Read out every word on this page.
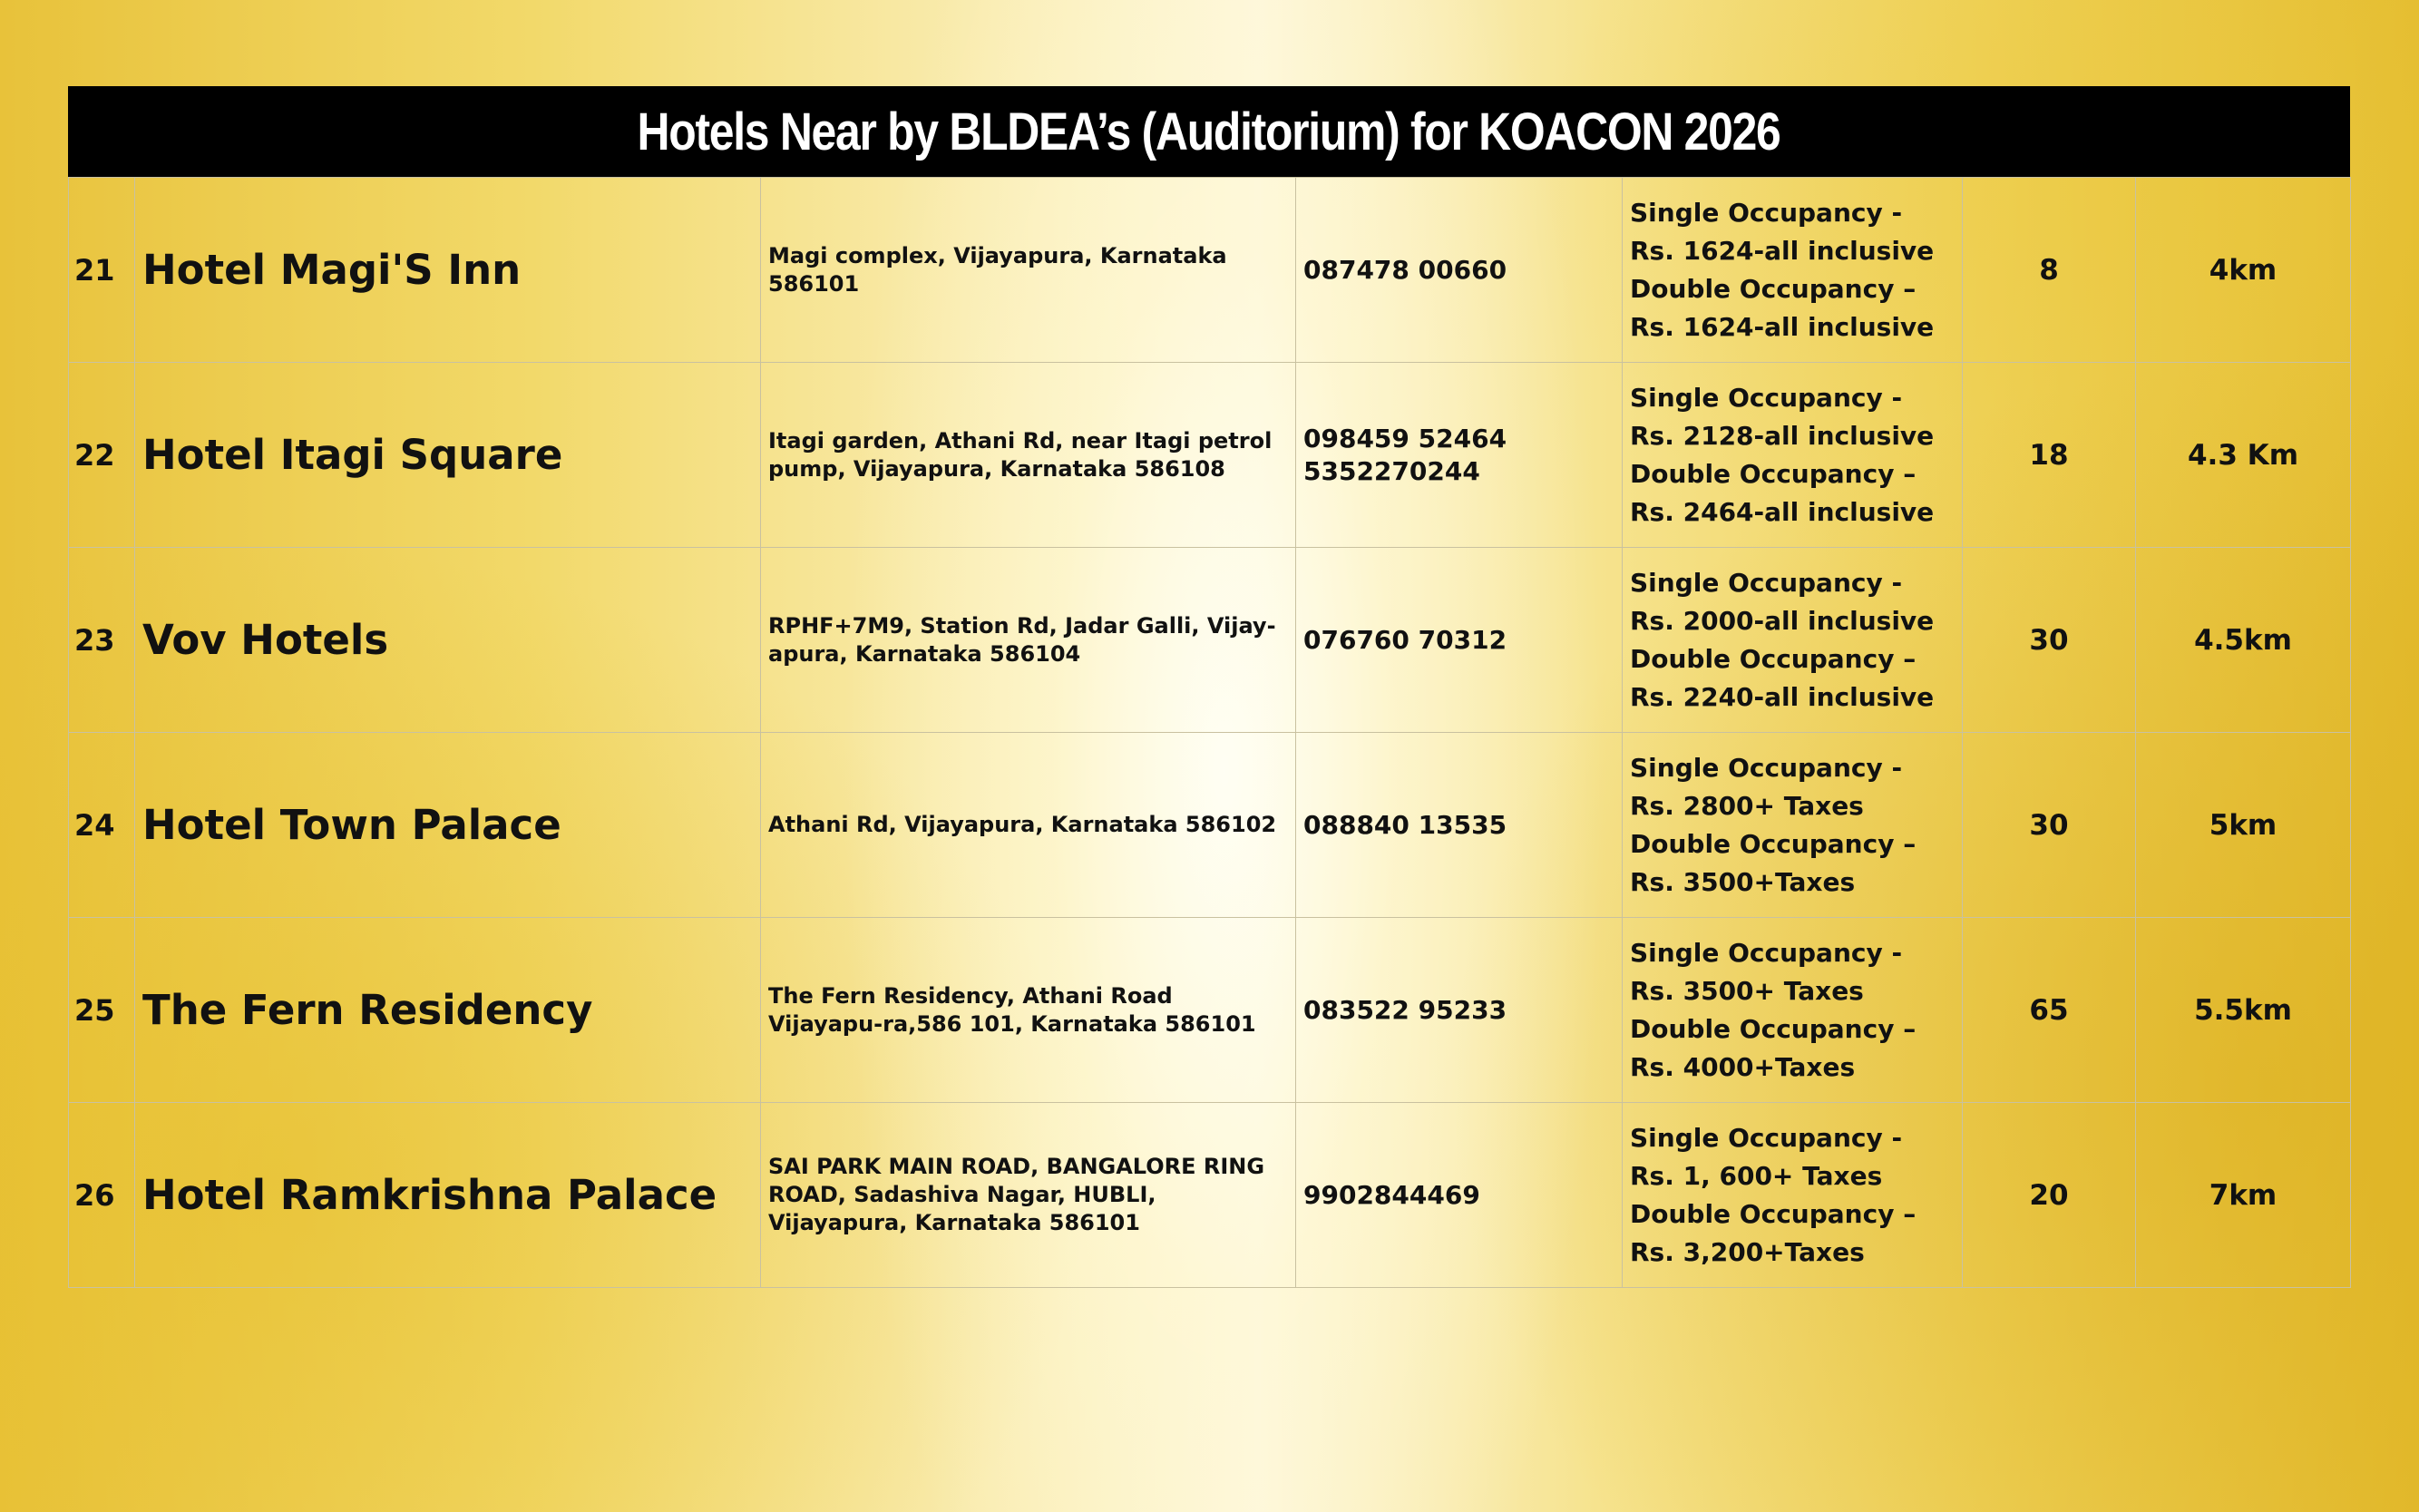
Hotels Near by BLDEA’s (Auditorium) for KOACON 2026
21	Hotel Magi'S Inn	Magi complex, Vijayapura, Karnataka 586101	087478 00660	Single Occupancy -
Rs. 1624-all inclusive
Double Occupancy –
Rs. 1624-all inclusive	8	4km
22	Hotel Itagi Square	Itagi garden, Athani Rd, near Itagi petrol pump, Vijayapura, Karnataka 586108	098459 52464 5352270244	Single Occupancy -
Rs. 2128-all inclusive
Double Occupancy –
Rs. 2464-all inclusive	18	4.3 Km
23	Vov Hotels	RPHF+7M9, Station Rd, Jadar Galli, Vijay-apura, Karnataka 586104	076760 70312	Single Occupancy -
Rs. 2000-all inclusive
Double Occupancy –
Rs. 2240-all inclusive	30	4.5km
24	Hotel Town Palace	Athani Rd, Vijayapura, Karnataka 586102	088840 13535	Single Occupancy -
Rs. 2800+ Taxes
Double Occupancy –
Rs. 3500+Taxes	30	5km
25	The Fern Residency	The Fern Residency, Athani Road Vijayapu-ra,586 101, Karnataka 586101	083522 95233	Single Occupancy -
Rs. 3500+ Taxes
Double Occupancy –
Rs. 4000+Taxes	65	5.5km
26	Hotel Ramkrishna Palace	SAI PARK MAIN ROAD, BANGALORE RING ROAD, Sadashiva Nagar, HUBLI, Vijayapura, Karnataka 586101	9902844469	Single Occupancy -
Rs. 1, 600+ Taxes
Double Occupancy –
Rs. 3,200+Taxes	20	7km
